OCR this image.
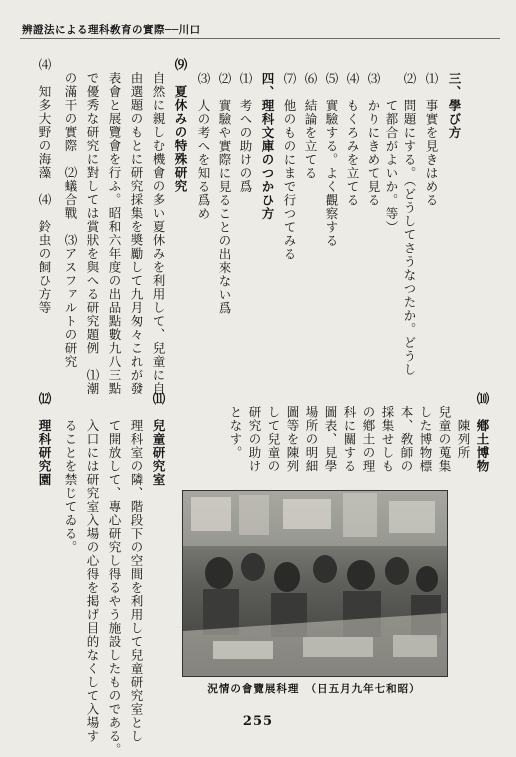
辨證法による理科敎育の實際──川口
三、學び方
⑴　事實を見きはめる
⑵　問題にする。（どうしてさうなつたか。どうし
　　て都合がよいか。等）
⑶　かりにきめて見る
⑷　もくろみを立てる
⑸　實驗する。よく觀察する
⑹　結論を立てる
⑺　他のものにまで行つてみる
四、理科文庫のつかひ方
⑴　考への助けの爲
⑵　實驗や實際に見ることの出來ない爲
⑶　人の考へを知る爲め
⑼　夏休みの特殊研究
　自然に親しむ機會の多い夏休みを利用して、兒童に自
　由選題のもとに研究採集を奬勵して九月匆々これが發
　表會と展覽會を行ふ。昭和六年度の出品點數九八三點
　で優秀な研究に對しては賞狀を與へる研究題例　⑴潮
　の滿干の實際　⑵蟻合戰　⑶アスファルトの研究
⑷　知多大野の海藻　⑷　鈴虫の飼ひ方等
⑽　鄕土博物
　　陳列所
　兒童の蒐集
　した博物標
　本、敎師の
　採集せしも
　の鄕土の理
　科に關する
　圖表、見學
　場所の明細
　圖等を陳列
　して兒童の
　研究の助け
　となす。
⑾　兒童研究室
　　理科室の隣、階段下の空間を利用して兒童研究室とし
　　て開放して、專心研究し得るやう施設したものである。
　　入口には研究室入場の心得を掲げ目的なくして入場す
　　ることを禁じてゐる。
⑿　理科研究園
況情の會覽展科理　（日五月九年七和昭）
255
